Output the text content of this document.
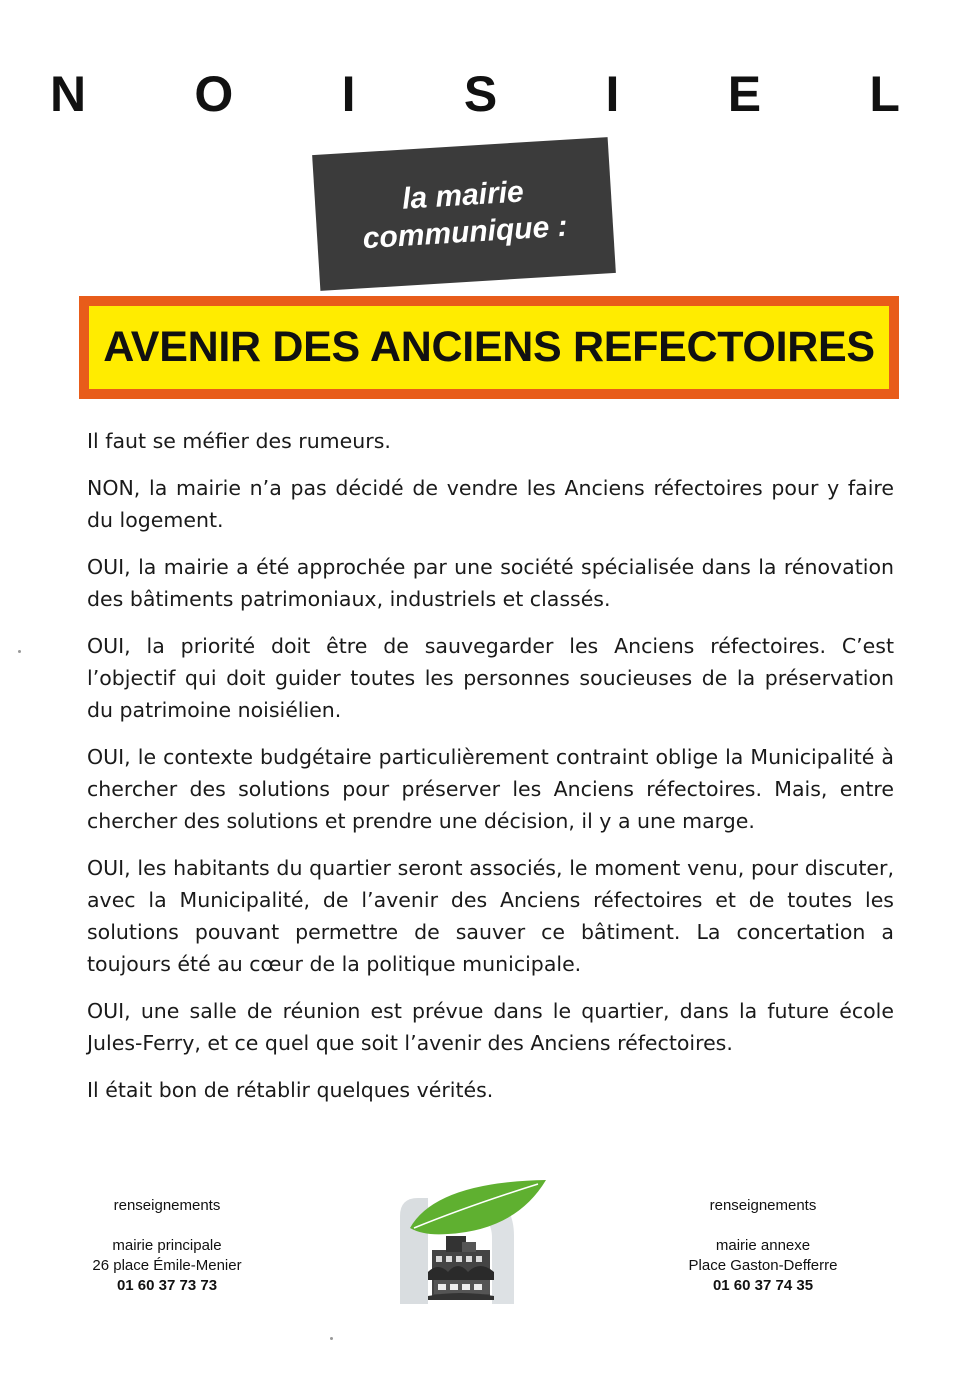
N O I S I E L
la mairie
communique :
AVENIR DES ANCIENS REFECTOIRES

Il faut se méfier des rumeurs.

NON, la mairie n’a pas décidé de vendre les Anciens réfectoires pour y faire du logement.

OUI, la mairie a été approchée par une société spécialisée dans la rénovation des bâtiments patrimoniaux, industriels et classés.

OUI, la priorité doit être de sauvegarder les Anciens réfectoires. C’est l’objectif qui doit guider toutes les personnes soucieuses de la préservation du patrimoine noisiélien.

OUI, le contexte budgétaire particulièrement contraint oblige la Municipalité à chercher des solutions pour préserver les Anciens réfectoires. Mais, entre chercher des solutions et prendre une décision, il y a une marge.

OUI, les habitants du quartier seront associés, le moment venu, pour discuter, avec la Municipalité, de l’avenir des Anciens réfectoires et de toutes les solutions pouvant permettre de sauver ce bâtiment. La concertation a toujours été au cœur de la politique municipale.

OUI, une salle de réunion est prévue dans le quartier, dans la future école Jules-Ferry, et ce quel que soit l’avenir des Anciens réfectoires.

Il était bon de rétablir quelques vérités.

renseignements
mairie principale
26 place Émile-Menier
01 60 37 73 73
renseignements
mairie annexe
Place Gaston-Defferre
01 60 37 74 35
